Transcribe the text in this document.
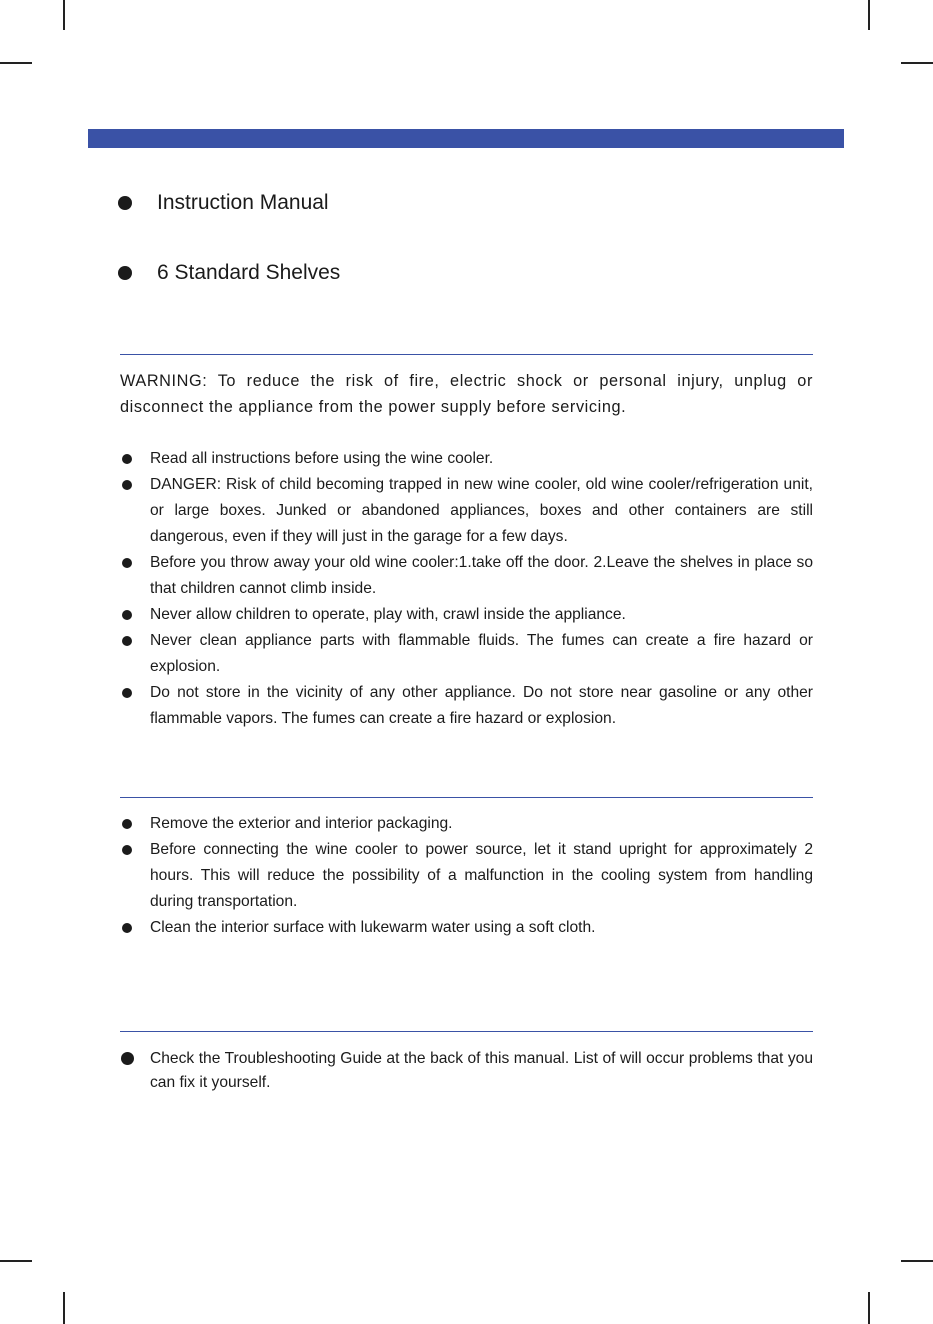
Instruction Manual
6 Standard Shelves

WARNING: To reduce the risk of fire, electric shock or personal injury, unplug or disconnect the appliance from the power supply before servicing.

Read all instructions before using the wine cooler.
DANGER: Risk of child becoming trapped in new wine cooler, old wine cooler/refrigeration unit, or large boxes. Junked or abandoned appliances, boxes and other containers are still dangerous, even if they will just in the garage for a few days.
Before you throw away your old wine cooler:1.take off the door. 2.Leave the shelves in place so that children cannot climb inside.
Never allow children to operate, play with, crawl inside the appliance.
Never clean appliance parts with flammable fluids. The fumes can create a fire hazard or explosion.
Do not store in the vicinity of any other appliance. Do not store near gasoline or any other flammable vapors. The fumes can create a fire hazard or explosion.
Remove the exterior and interior packaging.
Before connecting the wine cooler to power source, let it stand upright for approximately 2 hours. This will reduce the possibility of a malfunction in the cooling system from handling during transportation.
Clean the interior surface with lukewarm water using a soft cloth.
Check the Troubleshooting Guide at the back of this manual. List of will occur problems that you can fix it yourself.
